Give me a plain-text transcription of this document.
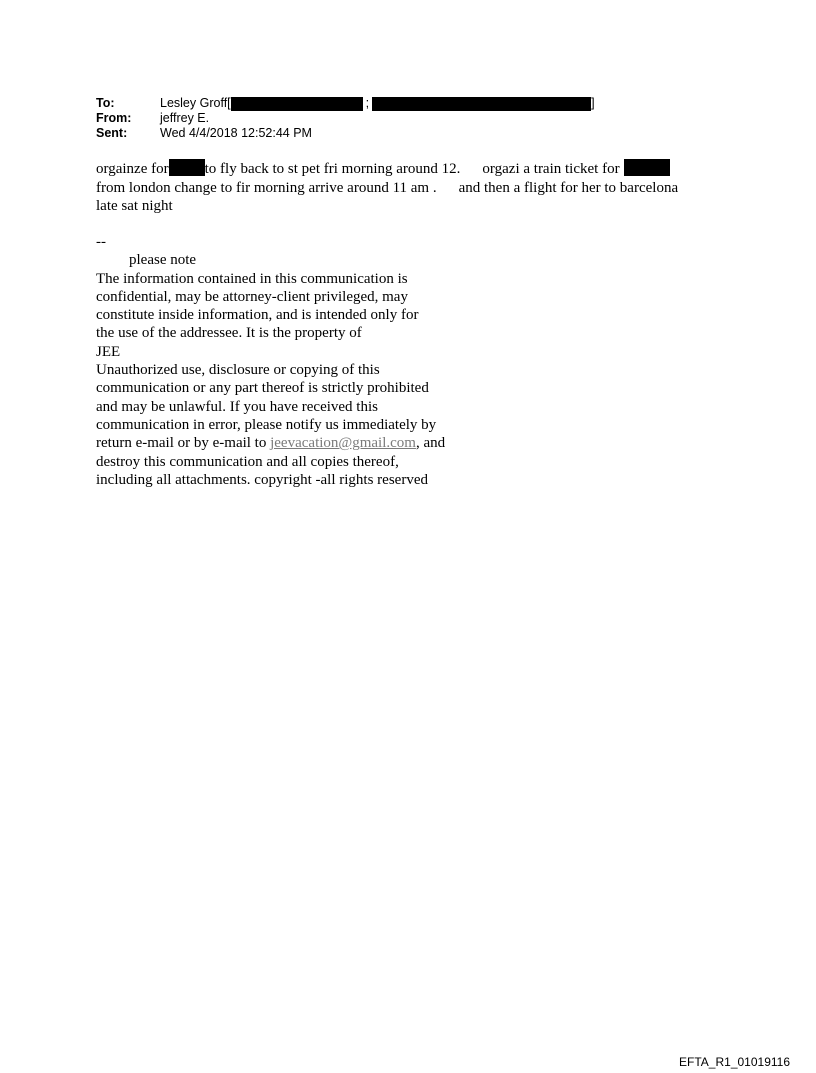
To:	Lesley Groff[	;	]
From:	jeffrey E.
Sent:	Wed 4/4/2018 12:52:44 PM
orgainze for to fly back to st pet fri morning around 12. orgazi a train ticket for
from london change to fir morning arrive around 11 am . and then a flight for her to barcelona
late sat night
--
please note
The information contained in this communication is
confidential, may be attorney-client privileged, may
constitute inside information, and is intended only for
the use of the addressee. It is the property of
JEE
Unauthorized use, disclosure or copying of this
communication or any part thereof is strictly prohibited
and may be unlawful. If you have received this
communication in error, please notify us immediately by
return e-mail or by e-mail to jeevacation@gmail.com, and
destroy this communication and all copies thereof,
including all attachments. copyright -all rights reserved
EFTA_R1_01019116
